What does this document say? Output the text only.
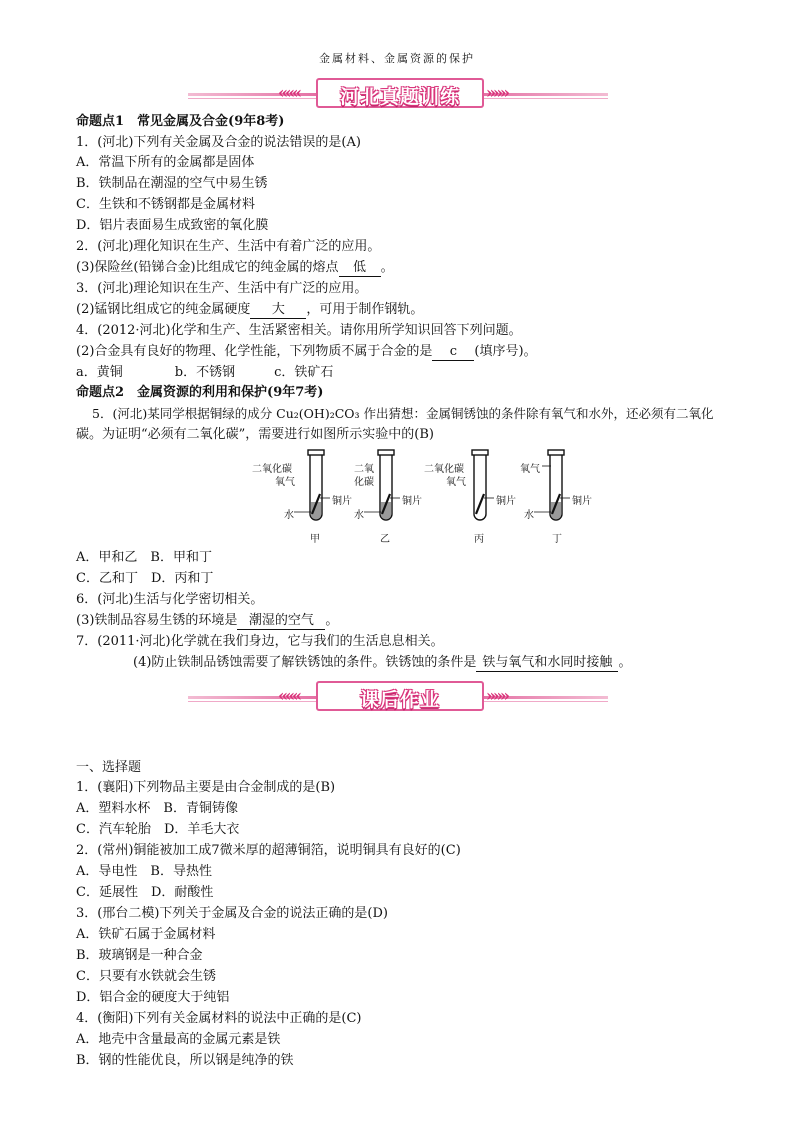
金属材料、金属资源的保护
«««	河北真题训练	»»»
命题点1　常见金属及合金(9年8考)
1．(河北)下列有关金属及合金的说法错误的是(A)
A．常温下所有的金属都是固体
B．铁制品在潮湿的空气中易生锈
C．生铁和不锈钢都是金属材料
D．铝片表面易生成致密的氧化膜
2．(河北)理化知识在生产、生活中有着广泛的应用。
(3)保险丝(铅锑合金)比组成它的纯金属的熔点 低 。
3．(河北)理论知识在生产、生活中有广泛的应用。
(2)锰钢比组成它的纯金属硬度 大 ，可用于制作钢轨。
4．(2012·河北)化学和生产、生活紧密相关。请你用所学知识回答下列问题。
(2)合金具有良好的物理、化学性能，下列物质不属于合金的是 c (填序号)。
a．黄铜　　　　b．不锈钢　　　c．铁矿石
命题点2　金属资源的利用和保护(9年7考)
5．(河北)某同学根据铜绿的成分 Cu₂(OH)₂CO₃ 作出猜想：金属铜锈蚀的条件除有氧气和水外，还必须有二氧化
碳。为证明“必须有二氧化碳”，需要进行如图所示实验中的(B)
二氧化碳
氧气
铜片
水
甲
二氧
化碳
铜片
水
乙
二氧化碳
氧气
铜片
丙
氧气
铜片
水
丁
A．甲和乙　B．甲和丁
C．乙和丁　D．丙和丁
6．(河北)生活与化学密切相关。
(3)铁制品容易生锈的环境是 潮湿的空气 。
7．(2011·河北)化学就在我们身边，它与我们的生活息息相关。
(4)防止铁制品锈蚀需要了解铁锈蚀的条件。铁锈蚀的条件是 铁与氧气和水同时接触 。
«««	课后作业	»»»
一、选择题
1．(襄阳)下列物品主要是由合金制成的是(B)
A．塑料水杯　B．青铜铸像
C．汽车轮胎　D．羊毛大衣
2．(常州)铜能被加工成7微米厚的超薄铜箔，说明铜具有良好的(C)
A．导电性　B．导热性
C．延展性　D．耐酸性
3．(邢台二模)下列关于金属及合金的说法正确的是(D)
A．铁矿石属于金属材料
B．玻璃钢是一种合金
C．只要有水铁就会生锈
D．铝合金的硬度大于纯铝
4．(衡阳)下列有关金属材料的说法中正确的是(C)
A．地壳中含量最高的金属元素是铁
B．钢的性能优良，所以钢是纯净的铁
